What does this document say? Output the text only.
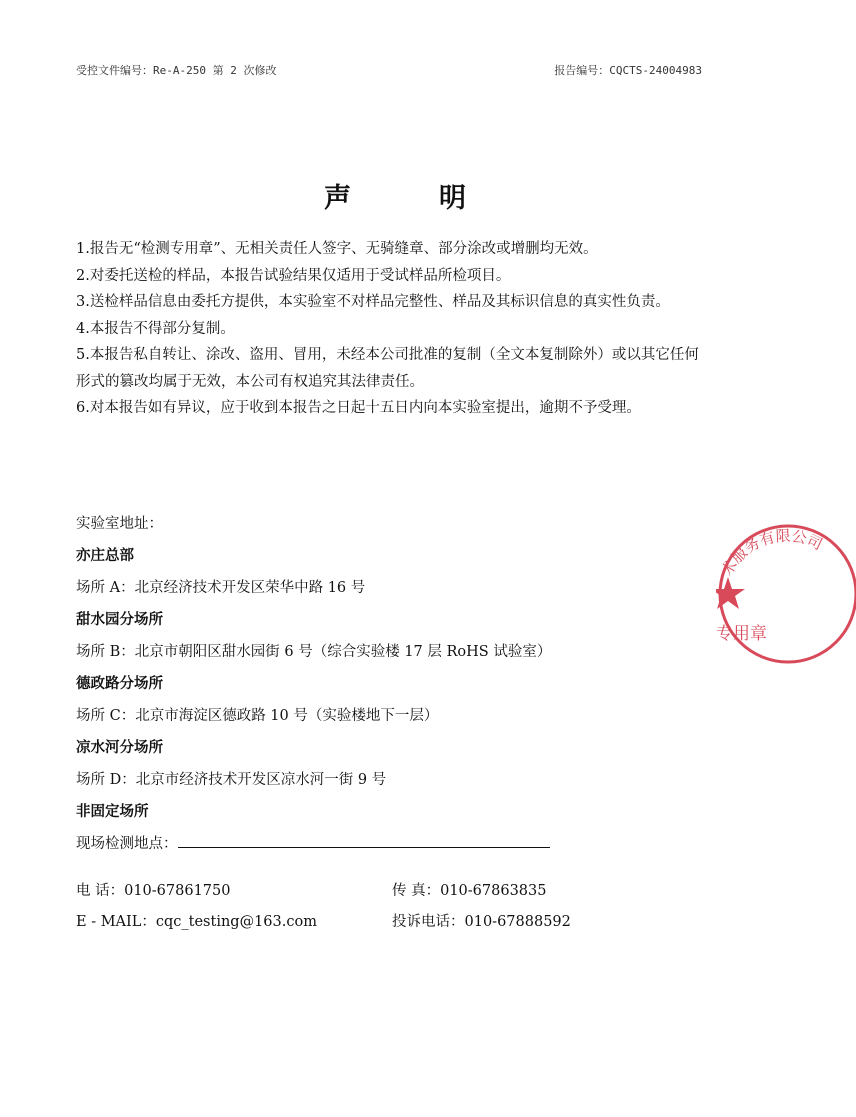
受控文件编号：Re-A-250 第 2 次修改	报告编号：CQCTS-24004983
声	明

1.报告无“检测专用章”、无相关责任人签字、无骑缝章、部分涂改或增删均无效。

2.对委托送检的样品，本报告试验结果仅适用于受试样品所检项目。

3.送检样品信息由委托方提供，本实验室不对样品完整性、样品及其标识信息的真实性负责。

4.本报告不得部分复制。

5.本报告私自转让、涂改、盗用、冒用，未经本公司批准的复制（全文本复制除外）或以其它任何形式的篡改均属于无效，本公司有权追究其法律责任。

6.对本报告如有异议，应于收到本报告之日起十五日内向本实验室提出，逾期不予受理。

实验室地址：
亦庄总部
场所 A：北京经济技术开发区荣华中路 16 号
甜水园分场所
场所 B：北京市朝阳区甜水园街 6 号（综合实验楼 17 层 RoHS 试验室）
德政路分场所
场所 C：北京市海淀区德政路 10 号（实验楼地下一层）
凉水河分场所
场所 D：北京市经济技术开发区凉水河一街 9 号
非固定场所
现场检测地点：
电 话：010-67861750	传 真：010-67863835
E - MAIL：cqc_testing@163.com	投诉电话：010-67888592
术服务有限公司
专用章
